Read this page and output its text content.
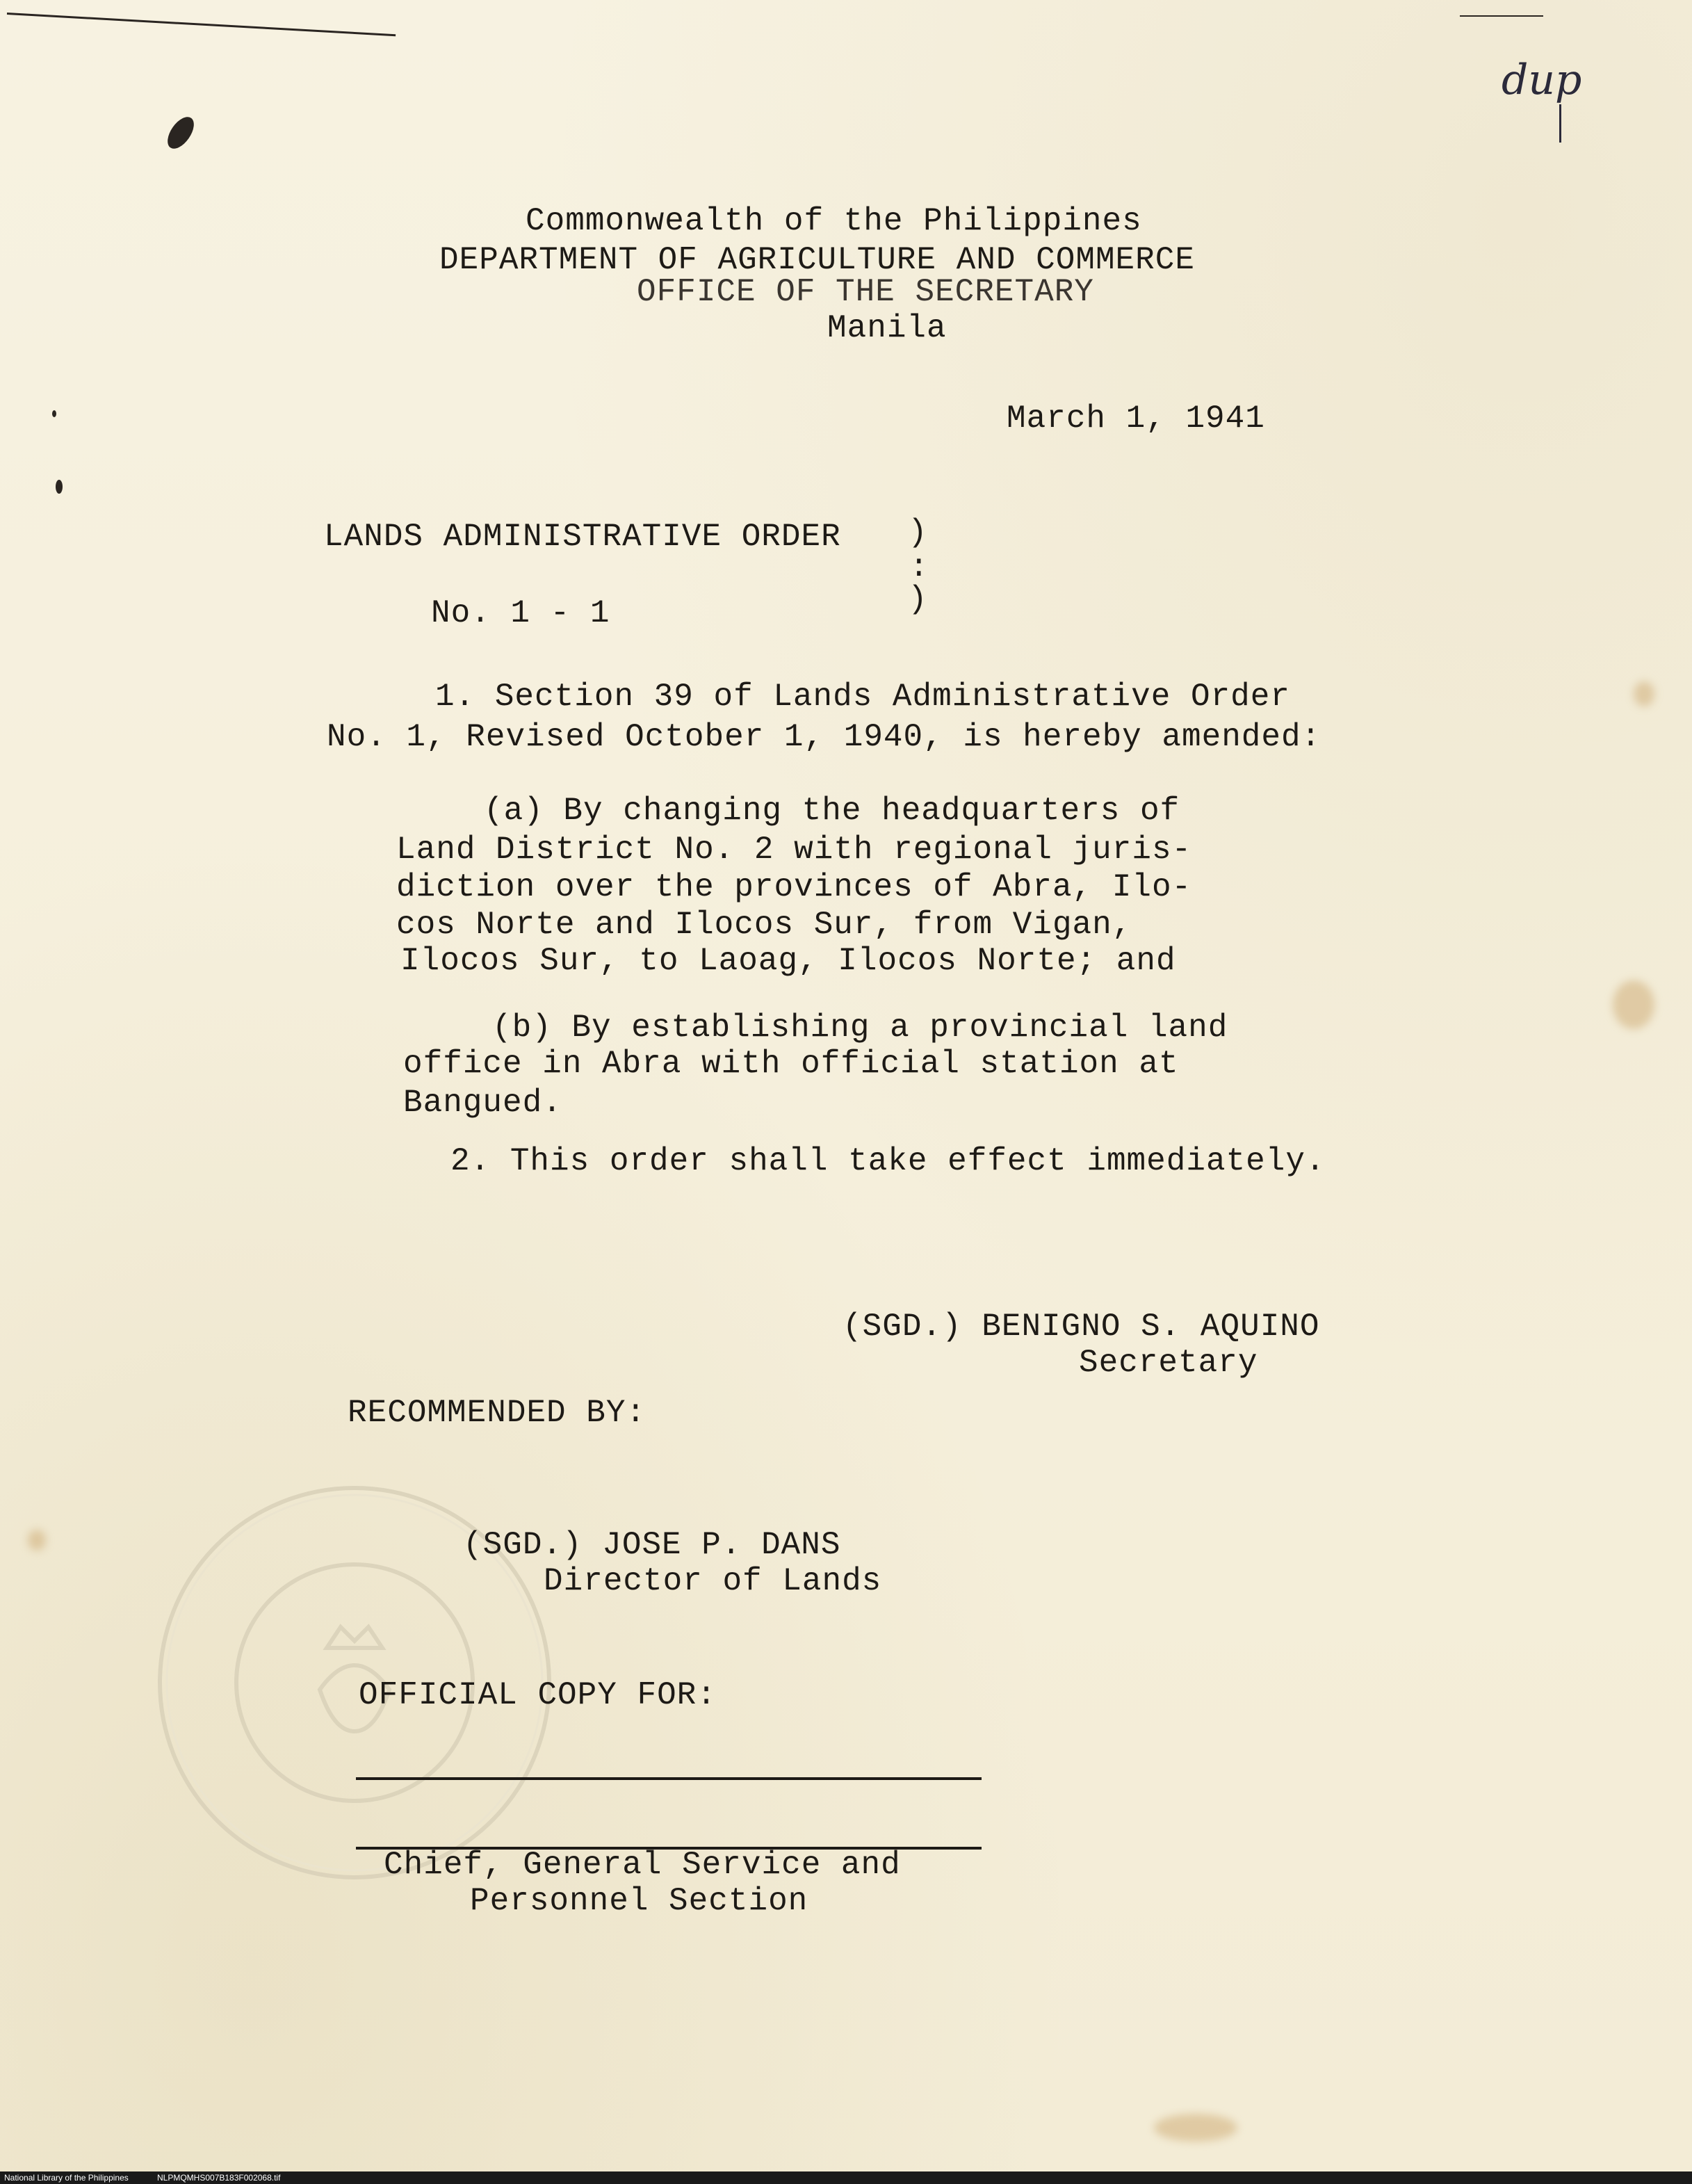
dup
Commonwealth of the Philippines
DEPARTMENT OF AGRICULTURE AND COMMERCE
OFFICE OF THE SECRETARY
Manila
March 1, 1941
LANDS ADMINISTRATIVE ORDER )
:
)
No. 1 - 1
1. Section 39 of Lands Administrative Order
No. 1, Revised October 1, 1940, is hereby amended:
(a) By changing the headquarters of
Land District No. 2 with regional juris-
diction over the provinces of Abra, Ilo-
cos Norte and Ilocos Sur, from Vigan,
Ilocos Sur, to Laoag, Ilocos Norte; and
(b) By establishing a provincial land
office in Abra with official station at
Bangued.
2. This order shall take effect immediately.
(SGD.) BENIGNO S. AQUINO
Secretary
RECOMMENDED BY:
(SGD.) JOSE P. DANS
Director of Lands
OFFICIAL COPY FOR:
Chief, General Service and
Personnel Section
National Library of the Philippines	NLPMQMHS007B183F002068.tif
